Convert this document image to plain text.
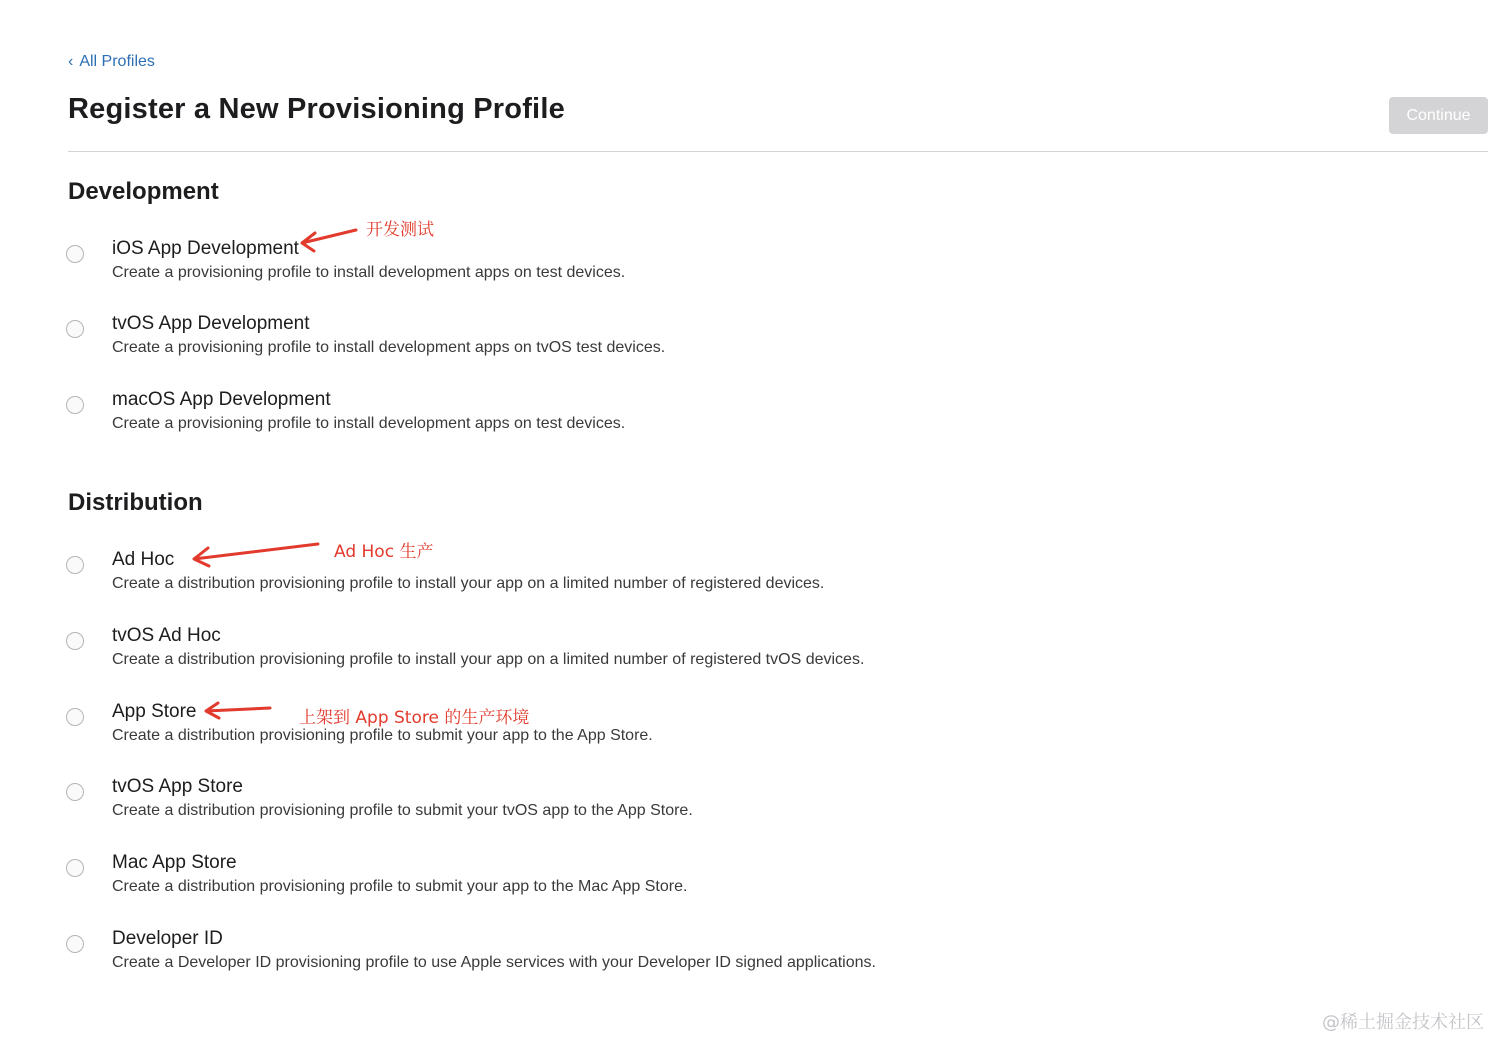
‹ All Profiles
Register a New Provisioning Profile	Continue
Development
iOS App Development
Create a provisioning profile to install development apps on test devices.
tvOS App Development
Create a provisioning profile to install development apps on tvOS test devices.
macOS App Development
Create a provisioning profile to install development apps on test devices.
Distribution
Ad Hoc
Create a distribution provisioning profile to install your app on a limited number of registered devices.
tvOS Ad Hoc
Create a distribution provisioning profile to install your app on a limited number of registered tvOS devices.
App Store
Create a distribution provisioning profile to submit your app to the App Store.
tvOS App Store
Create a distribution provisioning profile to submit your tvOS app to the App Store.
Mac App Store
Create a distribution provisioning profile to submit your app to the Mac App Store.
Developer ID
Create a Developer ID provisioning profile to use Apple services with your Developer ID signed applications.
开发测试
Ad Hoc 生产
上架到 App Store 的生产环境
@稀土掘金技术社区
